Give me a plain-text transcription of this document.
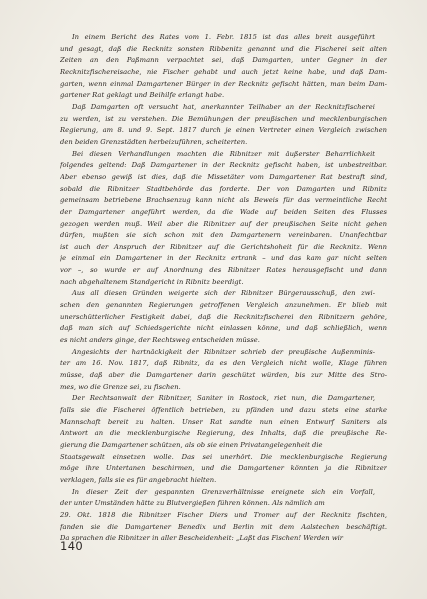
In einem Bericht des Rates vom 1. Febr. 1815 ist das alles breit ausgeführt
und gesagt, daß die Recknitz sonsten Ribbenitz genannt und die Fischerei seit alten
Zeiten an den Paßmann verpachtet sei, daß Damgarten, unter Gegner in der
Recknitzfischereisache, nie Fischer gehabt und auch jetzt keine habe, und daß Dam-
garten, wenn einmal Damgartener Bürger in der Recknitz gefischt hätten, man beim Dam-
gartener Rat geklagt und Beihilfe erlangt habe.

Daß Damgarten oft versucht hat, anerkannter Teilhaber an der Recknitzfischerei
zu werden, ist zu verstehen. Die Bemühungen der preußischen und mecklenburgischen
Regierung, am 8. und 9. Sept. 1817 durch je einen Vertreter einen Vergleich zwischen
den beiden Grenzstädten herbeizuführen, scheiterten.

Bei diesen Verhandlungen machten die Ribnitzer mit äußerster Beharrlichkeit
folgendes geltend: Daß Damgartener in der Recknitz gefischt haben, ist unbestreitbar.
Aber ebenso gewiß ist dies, daß die Missetäter vom Damgartener Rat bestraft sind,
sobald die Ribnitzer Stadtbehörde das forderte. Der von Damgarten und Ribnitz
gemeinsam betriebene Brachsenzug kann nicht als Beweis für das vermeintliche Recht
der Damgartener angeführt werden, da die Wade auf beiden Seiten des Flusses
gezogen werden muß. Weil aber die Ribnitzer auf der preußischen Seite nicht gehen
dürfen, mußten sie sich schon mit den Damgartenern vereinbaren. Unanfechtbar
ist auch der Anspruch der Ribnitzer auf die Gerichtshoheit für die Recknitz. Wenn
je einmal ein Damgartener in der Recknitz ertrank – und das kam gar nicht selten
vor –, so wurde er auf Anordnung des Ribnitzer Rates herausgefischt und dann
nach abgehaltenem Standgericht in Ribnitz beerdigt.

Aus all diesen Gründen weigerte sich der Ribnitzer Bürgerausschuß, den zwi-
schen den genannten Regierungen getroffenen Vergleich anzunehmen. Er blieb mit
unerschütterlicher Festigkeit dabei, daß die Recknitzfischerei den Ribnitzern gehöre,
daß man sich auf Schiedsgerichte nicht einlassen könne, und daß schließlich, wenn
es nicht anders ginge, der Rechtsweg entscheiden müsse.

Angesichts der hartnäckigkeit der Ribnitzer schrieb der preußische Außenminis-
ter am 16. Nov. 1817, daß Ribnitz, da es den Vergleich nicht wolle, Klage führen
müsse, daß aber die Damgartener darin geschützt würden, bis zur Mitte des Stro-
mes, wo die Grenze sei, zu fischen.

Der Rechtsanwalt der Ribnitzer, Saniter in Rostock, riet nun, die Damgartener,
falls sie die Fischerei öffentlich betrieben, zu pfänden und dazu stets eine starke
Mannschaft bereit zu halten. Unser Rat sandte nun einen Entwurf Saniters als
Antwort an die mecklenburgische Regierung, des Inhalts, daß die preußische Re-
gierung die Damgartener schützen, als ob sie einen Privatangelegenheit die
Staatsgewalt einsetzen wolle. Das sei unerhört. Die mecklenburgische Regierung
möge ihre Untertanen beschirmen, und die Damgartener könnten ja die Ribnitzer
verklagen, falls sie es für angebracht hielten.

In dieser Zeit der gespannten Grenzverhältnisse ereignete sich ein Vorfall,
der unter Umständen hätte zu Blutvergießen führen können. Als nämlich am
29. Okt. 1818 die Ribnitzer Fischer Diers und Tromer auf der Recknitz fischten,
fanden sie die Damgartener Benedix und Berlin mit dem Aalstechen beschäftigt.
Da sprachen die Ribnitzer in aller Bescheidenheit: „Laßt das Fischen! Werden wir

140
